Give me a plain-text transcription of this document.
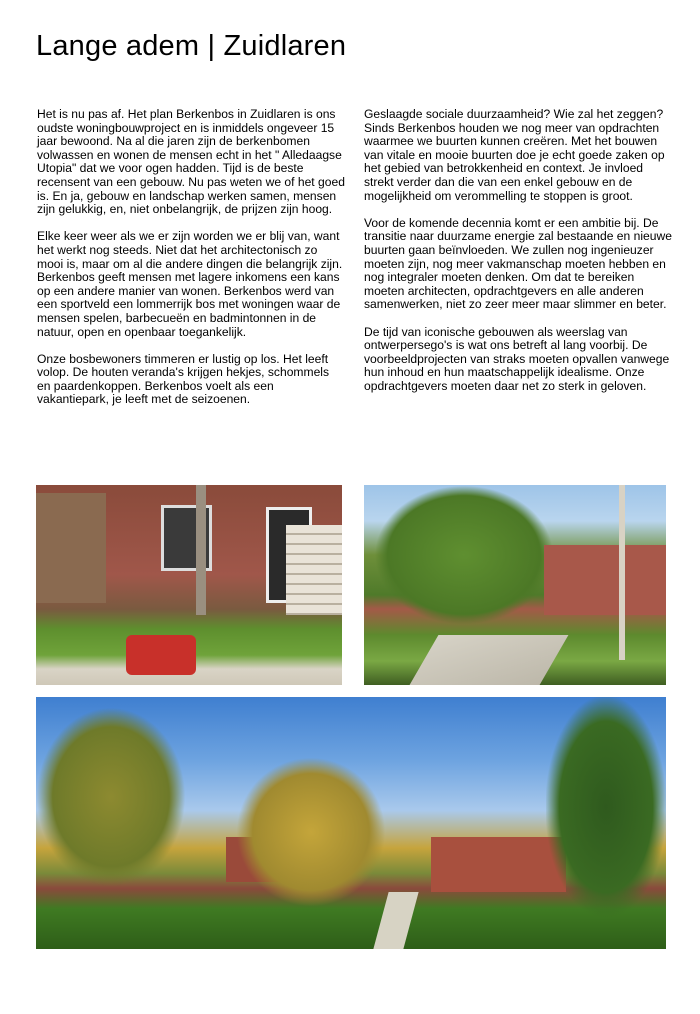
Lange adem | Zuidlaren

Het is nu pas af. Het plan Berkenbos in Zuidlaren is ons oudste woningbouwproject en is inmiddels ongeveer 15 jaar bewoond. Na al die jaren zijn de berkenbomen volwassen en wonen de mensen echt in het " Alledaagse Utopia" dat we voor ogen hadden. Tijd is de beste recensent van een gebouw. Nu pas weten we of het goed is. En ja, gebouw en landschap werken samen, mensen zijn gelukkig, en, niet onbelangrijk, de prijzen zijn hoog.

Elke keer weer als we er zijn worden we er blij van, want het werkt nog steeds. Niet dat het architectonisch zo mooi is, maar om al die andere dingen die belangrijk zijn. Berkenbos geeft mensen met lagere inkomens een kans op een andere manier van wonen. Berkenbos werd van een sportveld een lommerrijk bos met woningen waar de mensen spelen, barbecueën en badmintonnen in de natuur, open en openbaar toegankelijk.

Onze bosbewoners timmeren er lustig op los. Het leeft volop. De houten veranda's krijgen hekjes, schommels en paardenkoppen. Berkenbos voelt als een vakantiepark, je leeft met de seizoenen.

Geslaagde sociale duurzaamheid? Wie zal het zeggen? Sinds Berkenbos houden we nog meer van opdrachten waarmee we buurten kunnen creëren. Met het bouwen van vitale en mooie buurten doe je echt goede zaken op het gebied van betrokkenheid en context. Je invloed strekt verder dan die van een enkel gebouw en de mogelijkheid om verommelling te stoppen is groot.

Voor de komende decennia komt er een ambitie bij. De transitie naar duurzame energie zal bestaande en nieuwe buurten gaan beïnvloeden. We zullen nog ingenieuzer moeten zijn, nog meer vakmanschap moeten hebben en nog integraler moeten denken. Om dat te bereiken moeten architecten, opdrachtgevers en alle anderen samenwerken, niet zo zeer meer maar slimmer en beter.

De tijd van iconische gebouwen als weerslag van ontwerpersego's is wat ons betreft al lang voorbij. De voorbeeldprojecten van straks moeten opvallen vanwege hun inhoud en hun maatschappelijk idealisme. Onze opdrachtgevers moeten daar net zo sterk in geloven.
